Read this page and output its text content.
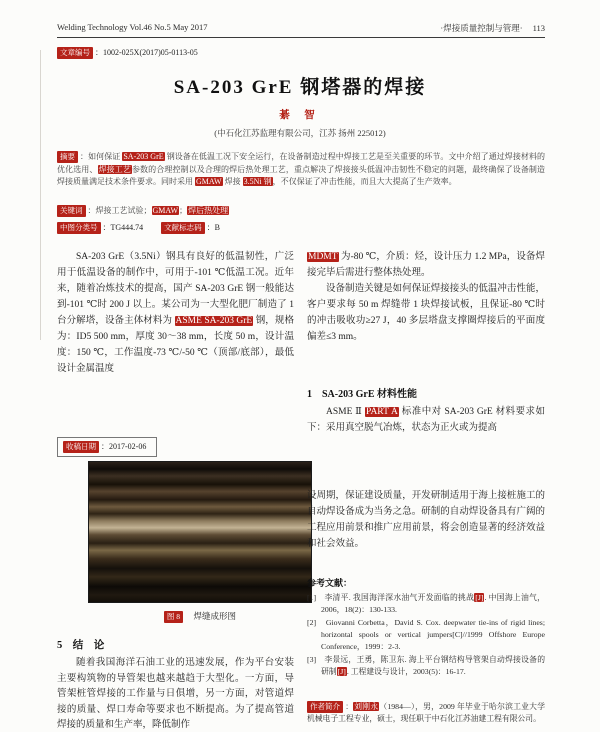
Welding Technology Vol.46 No.5 May 2017	·焊接质量控制与管理· 113
文章编号 ：1002-025X(2017)05-0113-05
SA-203 GrE 钢塔器的焊接
綦 智
(中石化江苏监理有限公司，江苏 扬州 225012)
摘要 ：如何保证 SA-203 GrE 钢设备在低温工况下安全运行，在设备制造过程中焊接工艺是至关重要的环节。文中介绍了通过焊接材料的优化选用、焊接工艺参数的合理控制以及合理的焊后热处理工艺，重点解决了焊接接头低温冲击韧性不稳定的问题，最终确保了设备制造焊接质量满足技术条件要求。同时采用 GMAW 焊接 3.5Ni 钢，不仅保证了冲击性能，而且大大提高了生产效率。
关键词 ：焊接工艺试验；GMAW；焊后热处理
中图分类号 ：TG444.74	文献标志码 ：B
SA-203 GrE（3.5Ni）钢具有良好的低温韧性，广泛用于低温设备的制作中，可用于-101 ℃低温工况。近年来，随着冶炼技术的提高，国产 SA-203 GrE 钢一般能达到-101 ℃时 200 J 以上。某公司为一大型化肥厂制造了 1 台分解塔，设备主体材料为 ASME SA-203 GrE 钢，规格为：ID5 500 mm，厚度 30～38 mm，长度 50 m，设计温度：150 ℃，工作温度-73 ℃/-50 ℃（顶部/底部），最低设计金属温度
收稿日期 ：2017-02-06
图 8　焊缝成形图
5　结　论
随着我国海洋石油工业的迅速发展，作为平台安装主要构筑物的导管架也越来越趋于大型化。一方面，导管架桩管焊接的工作量与日俱增，另一方面，对管道焊接的质量、焊口寿命等要求也不断提高。为了提高管道焊接的质量和生产率，降低制作
MDMT 为-80 ℃，介质：烃，设计压力 1.2 MPa，设备焊接完毕后需进行整体热处理。
设备制造关键是如何保证焊接接头的低温冲击性能，客户要求每 50 m 焊缝带 1 块焊接试板，且保证-80 ℃时的冲击吸收功≥27 J，40 多层塔盘支撑圈焊接后的平面度偏差≤3 mm。
1　SA-203 GrE 材料性能
ASME Ⅱ PART A 标准中对 SA-203 GrE 材料要求如下：采用真空脱气冶炼，状态为正火或为提高
设周期，保证建设质量，开发研制适用于海上接桩施工的自动焊设备成为当务之急。研制的自动焊设备具有广阔的工程应用前景和推广应用前景，将会创造显著的经济效益和社会效益。
参考文献：

[1]　李清平. 我国海洋深水油气开发面临的挑战[J]. 中国海上油气，2006，18(2)：130-133.

[2]　Giovanni Corbetta，David S. Cox. deepwater tie-ins of rigid lines; horizontal spools or vertical jumpers[C]//1999 Offshore Europe Conference，1999：2-3.

[3]　李景远，王勇，陈卫东. 海上平台钢结构导管架自动焊接设备的研制[J]. 工程建设与设计，2003(5)：16-17.

作者简介 ：刘刚永（1984—），男，2009 年毕业于哈尔滨工业大学机械电子工程专业，硕士，现任职于中石化江苏油建工程有限公司。
